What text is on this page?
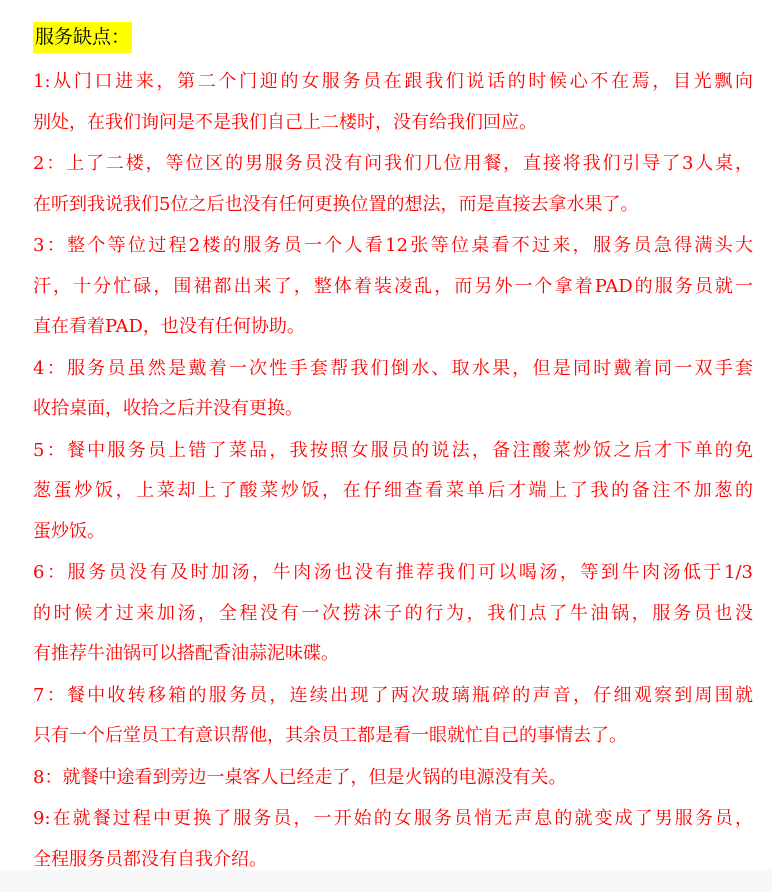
服务缺点：
1:从门口进来，第二个门迎的女服务员在跟我们说话的时候心不在焉，目光飘向
别处，在我们询问是不是我们自己上二楼时，没有给我们回应。
2：上了二楼，等位区的男服务员没有问我们几位用餐，直接将我们引导了3人桌，
在听到我说我们5位之后也没有任何更换位置的想法，而是直接去拿水果了。
3：整个等位过程2楼的服务员一个人看12张等位桌看不过来，服务员急得满头大
汗，十分忙碌，围裙都出来了，整体着装凌乱，而另外一个拿着PAD的服务员就一
直在看着PAD，也没有任何协助。
4：服务员虽然是戴着一次性手套帮我们倒水、取水果，但是同时戴着同一双手套
收拾桌面，收拾之后并没有更换。
5：餐中服务员上错了菜品，我按照女服员的说法，备注酸菜炒饭之后才下单的免
葱蛋炒饭，上菜却上了酸菜炒饭，在仔细查看菜单后才端上了我的备注不加葱的
蛋炒饭。
6：服务员没有及时加汤，牛肉汤也没有推荐我们可以喝汤，等到牛肉汤低于1/3
的时候才过来加汤，全程没有一次捞沫子的行为，我们点了牛油锅，服务员也没
有推荐牛油锅可以搭配香油蒜泥味碟。
7：餐中收转移箱的服务员，连续出现了两次玻璃瓶碎的声音，仔细观察到周围就
只有一个后堂员工有意识帮他，其余员工都是看一眼就忙自己的事情去了。
8：就餐中途看到旁边一桌客人已经走了，但是火锅的电源没有关。
9:在就餐过程中更换了服务员，一开始的女服务员悄无声息的就变成了男服务员，
全程服务员都没有自我介绍。
